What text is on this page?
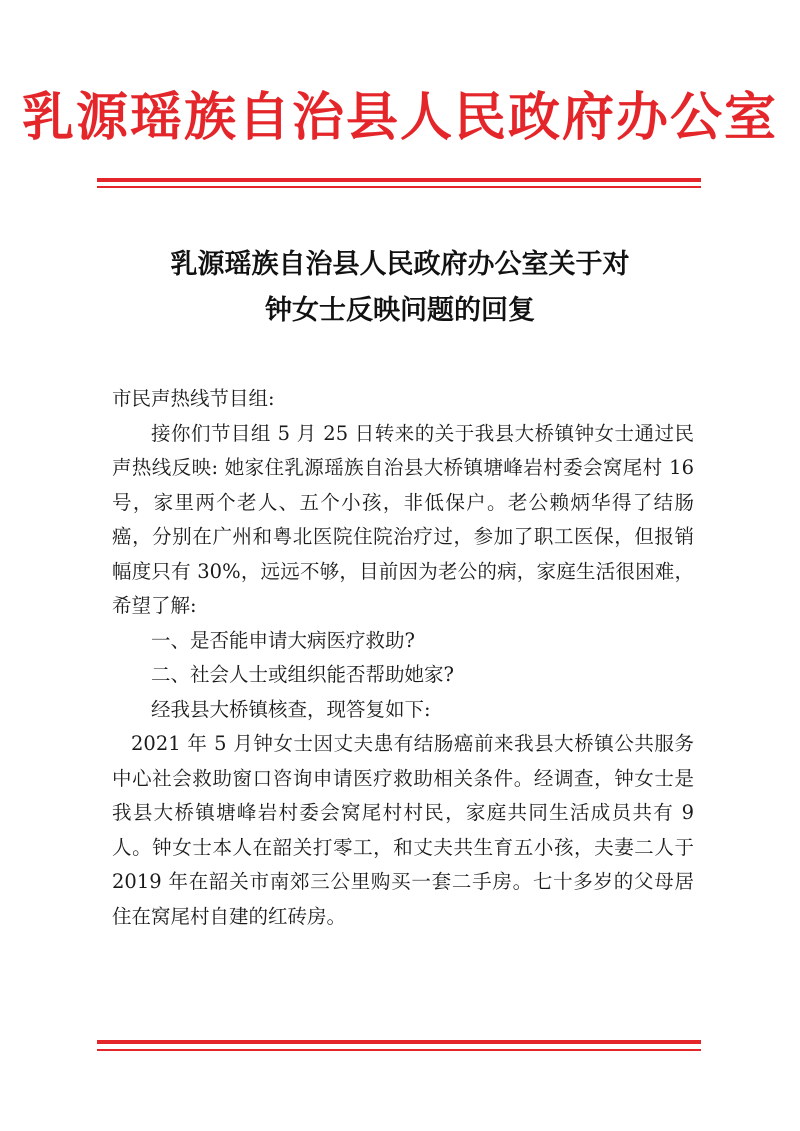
乳源瑶族自治县人民政府办公室
乳源瑶族自治县人民政府办公室关于对
钟女士反映问题的回复

市民声热线节目组:

接你们节目组 5 月 25 日转来的关于我县大桥镇钟女士通过民声热线反映: 她家住乳源瑶族自治县大桥镇塘峰岩村委会窝尾村 16 号，家里两个老人、五个小孩，非低保户。老公赖炳华得了结肠癌，分别在广州和粤北医院住院治疗过，参加了职工医保，但报销幅度只有 30%，远远不够，目前因为老公的病，家庭生活很困难，希望了解:

一、是否能申请大病医疗救助?

二、社会人士或组织能否帮助她家?

经我县大桥镇核查，现答复如下:

2021 年 5 月钟女士因丈夫患有结肠癌前来我县大桥镇公共服务中心社会救助窗口咨询申请医疗救助相关条件。经调查，钟女士是我县大桥镇塘峰岩村委会窝尾村村民，家庭共同生活成员共有 9 人。钟女士本人在韶关打零工，和丈夫共生育五小孩，夫妻二人于 2019 年在韶关市南郊三公里购买一套二手房。七十多岁的父母居住在窝尾村自建的红砖房。
